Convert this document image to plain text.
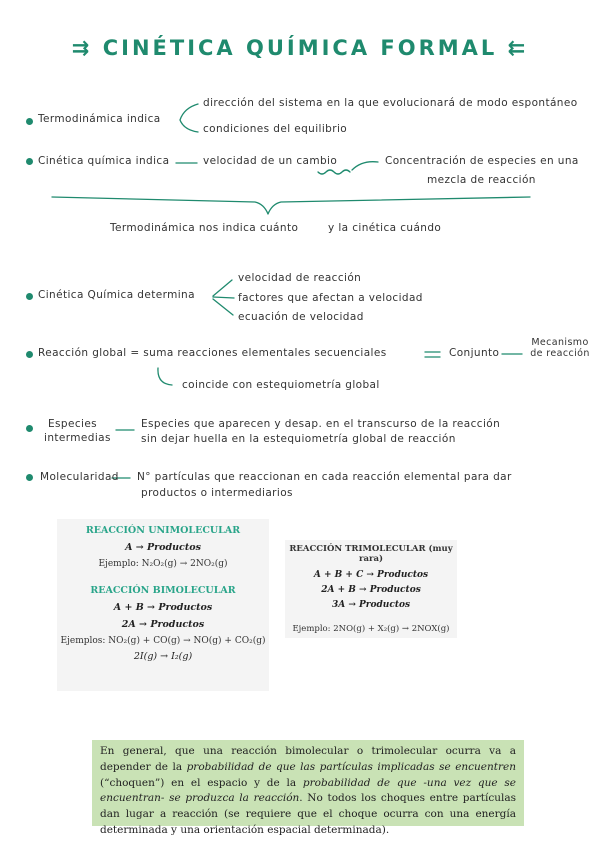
⇉ CINÉTICA QUÍMICA FORMAL ⇇
Termodinámica indica
dirección del sistema en la que evolucionará de modo espontáneo
condiciones del equilibrio
Cinética química indica	velocidad de un cambio	Concentración de especies en una
mezcla de reacción
Termodinámica nos indica cuánto	y la cinética cuándo
Cinética Química determina
velocidad de reacción
factores que afectan a velocidad
ecuación de velocidad
Reacción global = suma reacciones elementales secuenciales	Conjunto
Mecanismo de reacción
coincide con estequiometría global
Especies
intermedias
Especies que aparecen y desap. en el transcurso de la reacción
sin dejar huella en la estequiometría global de reacción
Molecularidad N° partículas que reaccionan en cada reacción elemental para dar
productos o intermediarios
REACCIÓN UNIMOLECULAR
A → Productos
Ejemplo: N₂O₂(g) → 2NO₂(g)
REACCIÓN BIMOLECULAR
A + B → Productos
2A → Productos
Ejemplos: NO₂(g) + CO(g) → NO(g) + CO₂(g)
2I(g) → I₂(g)
REACCIÓN TRIMOLECULAR (muy rara)
A + B + C → Productos
2A + B → Productos
3A → Productos
Ejemplo: 2NO(g) + X₂(g) → 2NOX(g)
En general, que una reacción bimolecular o trimolecular ocurra va a depender de la probabilidad de que las partículas implicadas se encuentren (“choquen”) en el espacio y de la probabilidad de que -una vez que se encuentran- se produzca la reacción. No todos los choques entre partículas dan lugar a reacción (se requiere que el choque ocurra con una energía determinada y una orientación espacial determinada).
